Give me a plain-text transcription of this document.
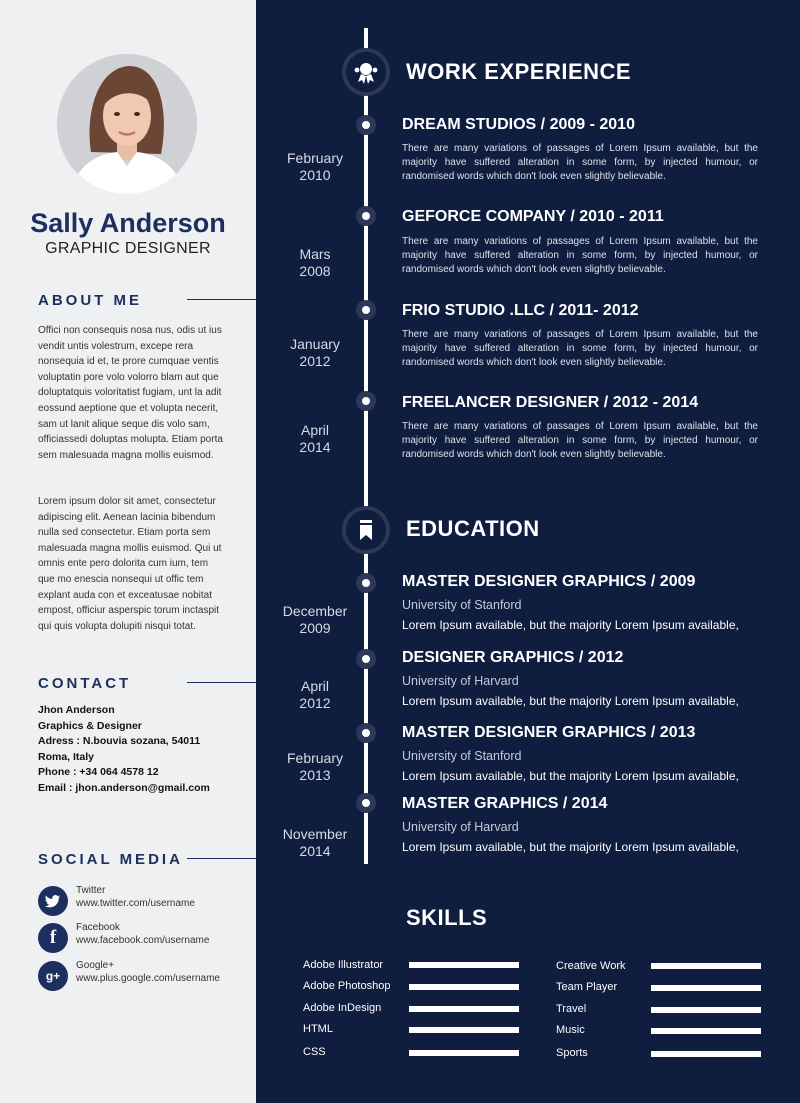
Sally Anderson
GRAPHIC DESIGNER
ABOUT ME
Offici non consequis nosa nus, odis ut ius vendit untis volestrum, excepe rera nonsequia id et, te prore cumquae ventis voluptatin pore volo volorro blam aut que doluptatquis voloritatist fugiam, unt la adit eossund aeptione que et volupta necerit, sam ut lanit alique seque dis volo sam, officiassedi doluptas molupta. Etiam porta sem malesuada magna mollis euismod.
Lorem ipsum dolor sit amet, consectetur adipiscing elit. Aenean lacinia bibendum nulla sed consectetur. Etiam porta sem malesuada magna mollis euismod. Qui ut omnis ente pero dolorita cum ium, tem que mo enescia nonsequi ut offic tem explant auda con et exceatusae nobitat empost, officiur asperspic torum inctaspit qui quis volupta dolupiti nisqui totat.
CONTACT
Jhon Anderson
Graphics & Designer
Adress : N.bouvia sozana, 54011
Roma, Italy
Phone : +34 064 4578 12
Email : jhon.anderson@gmail.com
SOCIAL MEDIA
Twitter
www.twitter.com/username
f	Facebook
www.facebook.com/username
g+
Google+
www.plus.google.com/username
WORK EXPERIENCE
February
2010
DREAM STUDIOS / 2009 - 2010
There are many variations of passages of Lorem Ipsum available, but the majority have suffered alteration in some form, by injected humour, or randomised words which don't look even slightly believable.
Mars
2008
GEFORCE COMPANY / 2010 - 2011
There are many variations of passages of Lorem Ipsum available, but the majority have suffered alteration in some form, by injected humour, or randomised words which don't look even slightly believable.
January
2012
FRIO STUDIO .LLC / 2011- 2012
There are many variations of passages of Lorem Ipsum available, but the majority have suffered alteration in some form, by injected humour, or randomised words which don't look even slightly believable.
April
2014
FREELANCER DESIGNER / 2012 - 2014
There are many variations of passages of Lorem Ipsum available, but the majority have suffered alteration in some form, by injected humour, or randomised words which don't look even slightly believable.
EDUCATION
December
2009
MASTER DESIGNER GRAPHICS / 2009
University of Stanford
Lorem Ipsum available, but the majority Lorem Ipsum available,
April
2012
DESIGNER GRAPHICS / 2012
University of Harvard
Lorem Ipsum available, but the majority Lorem Ipsum available,
February
2013
MASTER DESIGNER GRAPHICS / 2013
University of Stanford
Lorem Ipsum available, but the majority Lorem Ipsum available,
November
2014
MASTER GRAPHICS / 2014
University of Harvard
Lorem Ipsum available, but the majority Lorem Ipsum available,
SKILLS
Adobe Illustrator
Adobe Photoshop
Adobe InDesign
HTML
CSS
Creative Work
Team Player
Travel
Music
Sports
